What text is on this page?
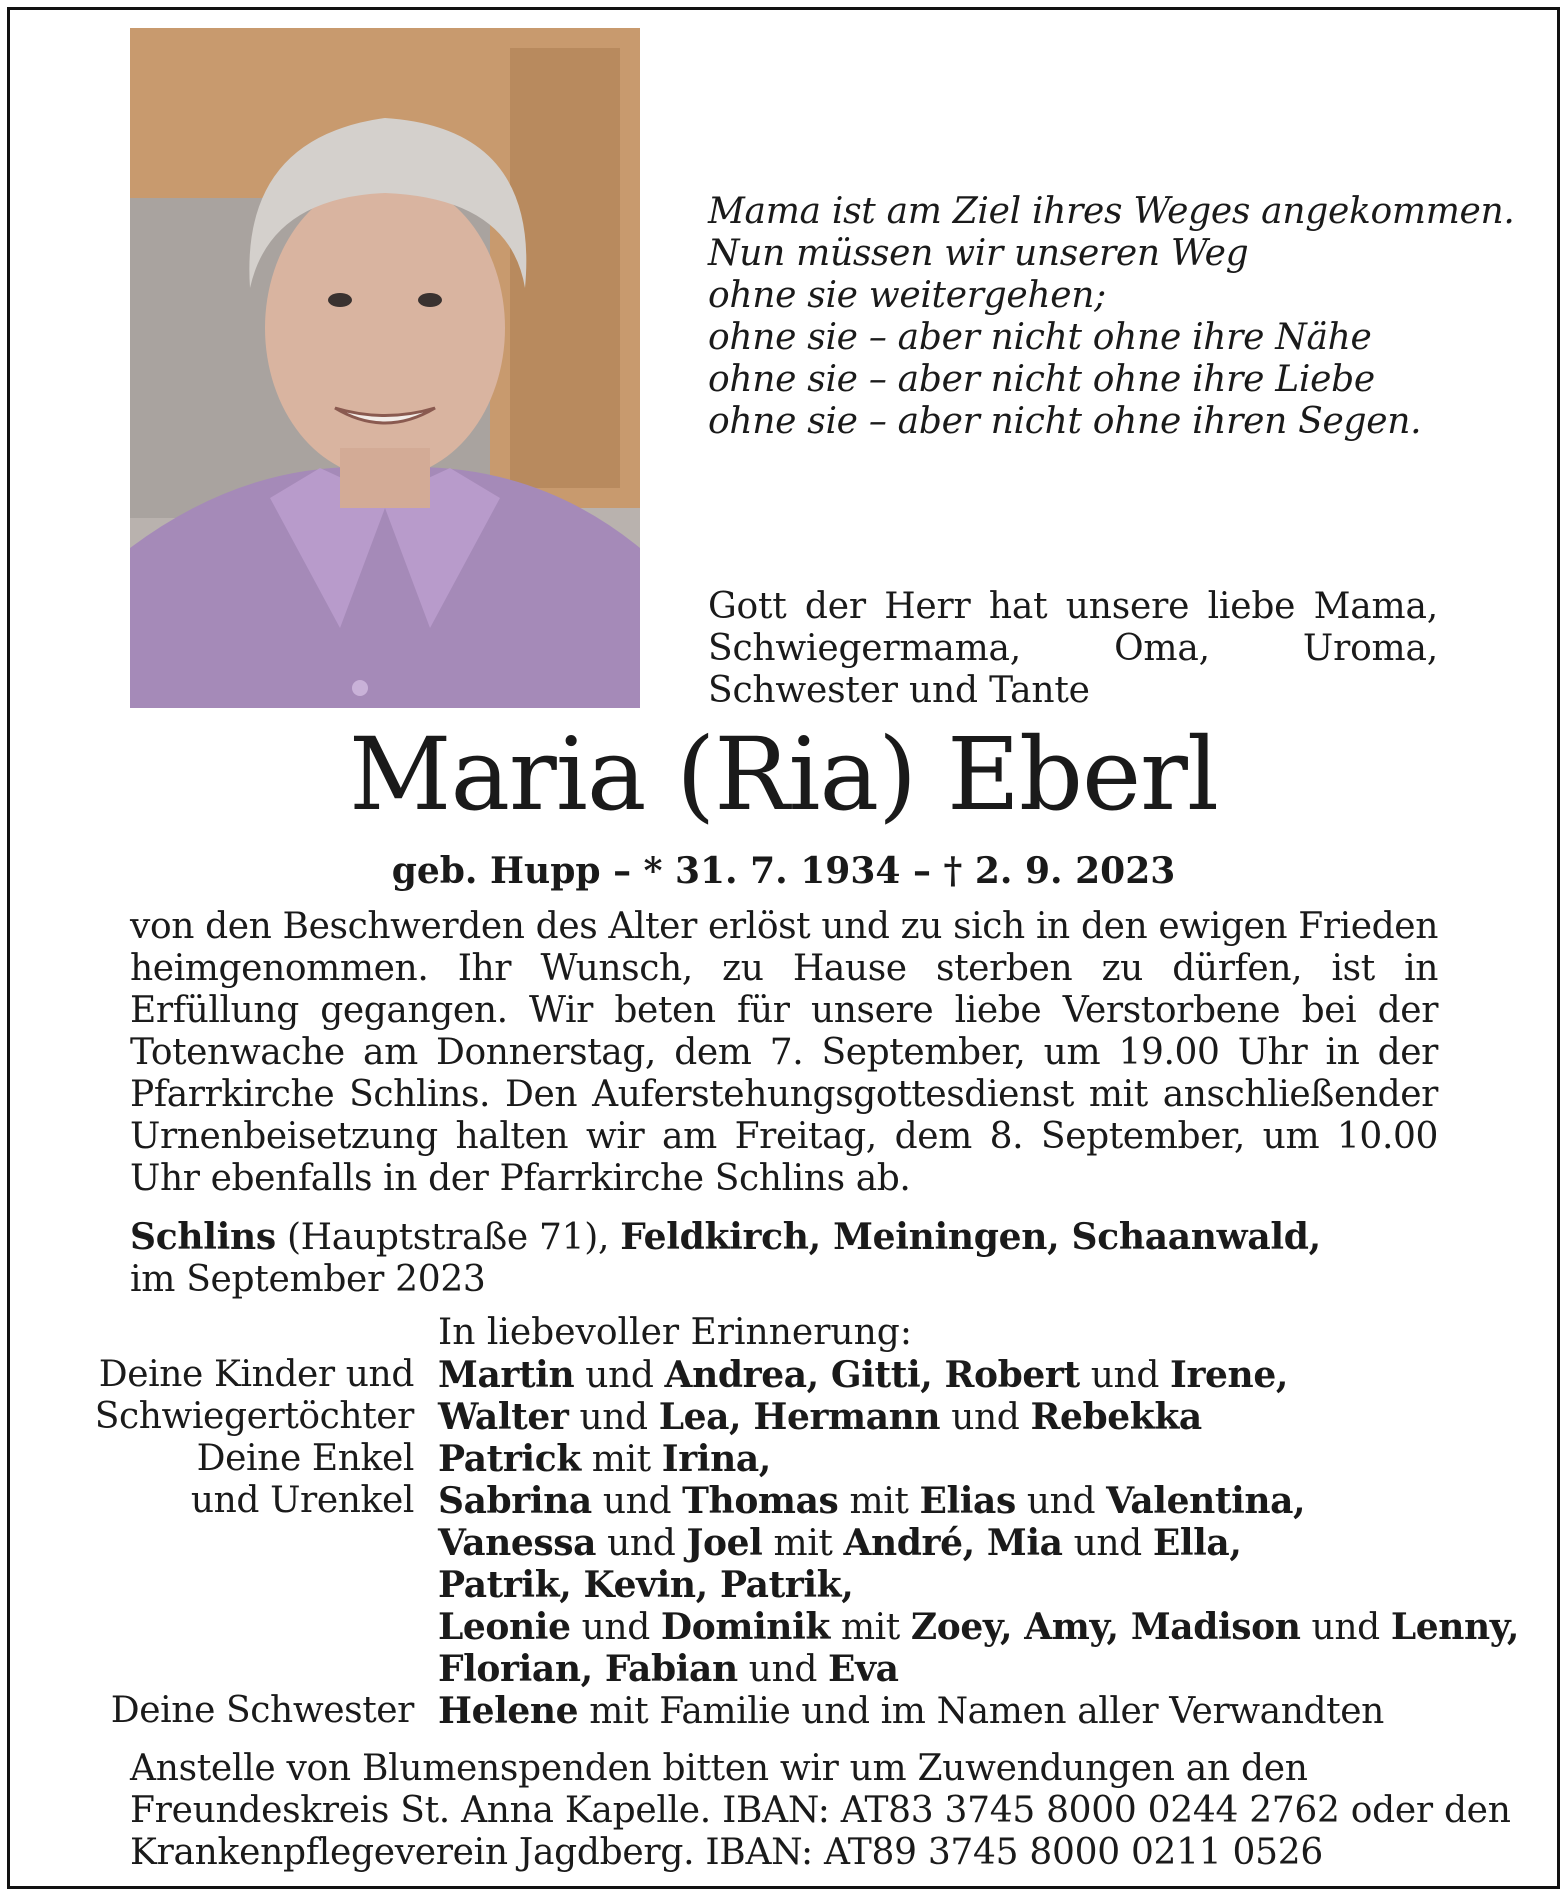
Mama ist am Ziel ihres Weges angekommen.
Nun müssen wir unseren Weg
ohne sie weitergehen;
ohne sie – aber nicht ohne ihre Nähe
ohne sie – aber nicht ohne ihre Liebe
ohne sie – aber nicht ohne ihren Segen.
Gott der Herr hat unsere liebe Mama, Schwiegermama, Oma, Uroma, Schwester und Tante
Maria (Ria) Eberl
geb. Hupp – * 31. 7. 1934 – † 2. 9. 2023
von den Beschwerden des Alter erlöst und zu sich in den ewigen Frieden heimgenommen. Ihr Wunsch, zu Hause sterben zu dürfen, ist in Erfüllung gegangen. Wir beten für unsere liebe Verstorbene bei der Totenwache am Donnerstag, dem 7. September, um 19.00 Uhr in der Pfarrkirche Schlins. Den Auferstehungsgottesdienst mit anschließender Urnenbeisetzung halten wir am Freitag, dem 8. September, um 10.00 Uhr ebenfalls in der Pfarrkirche Schlins ab.
Schlins (Hauptstraße 71), Feldkirch, Meiningen, Schaanwald,
im September 2023
In liebevoller Erinnerung:
Deine Kinder und Martin und Andrea, Gitti, Robert und Irene,
Schwiegertöchter Walter und Lea, Hermann und Rebekka
Deine Enkel Patrick mit Irina,
und Urenkel Sabrina und Thomas mit Elias und Valentina,
Vanessa und Joel mit André, Mia und Ella,
Patrik, Kevin, Patrik,
Leonie und Dominik mit Zoey, Amy, Madison und Lenny,
Florian, Fabian und Eva
Deine Schwester Helene mit Familie und im Namen aller Verwandten
Anstelle von Blumenspenden bitten wir um Zuwendungen an den
Freundeskreis St. Anna Kapelle. IBAN: AT83 3745 8000 0244 2762 oder den
Krankenpflegeverein Jagdberg. IBAN: AT89 3745 8000 0211 0526
